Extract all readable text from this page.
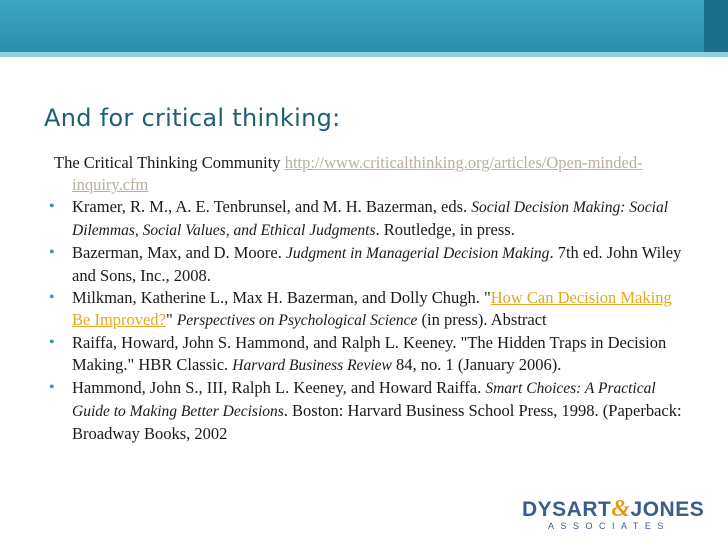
And for critical thinking:

The Critical Thinking Community http://www.criticalthinking.org/articles/Open-minded-inquiry.cfm

• Kramer, R. M., A. E. Tenbrunsel, and M. H. Bazerman, eds. Social Decision Making: Social Dilemmas, Social Values, and Ethical Judgments. Routledge, in press.
• Bazerman, Max, and D. Moore. Judgment in Managerial Decision Making. 7th ed. John Wiley and Sons, Inc., 2008.
• Milkman, Katherine L., Max H. Bazerman, and Dolly Chugh. "How Can Decision Making Be Improved?" Perspectives on Psychological Science (in press). Abstract
• Raiffa, Howard, John S. Hammond, and Ralph L. Keeney. "The Hidden Traps in Decision Making." HBR Classic. Harvard Business Review 84, no. 1 (January 2006).
• Hammond, John S., III, Ralph L. Keeney, and Howard Raiffa. Smart Choices: A Practical Guide to Making Better Decisions. Boston: Harvard Business School Press, 1998. (Paperback: Broadway Books, 2002
DYSART&JONES
ASSOCIATES
